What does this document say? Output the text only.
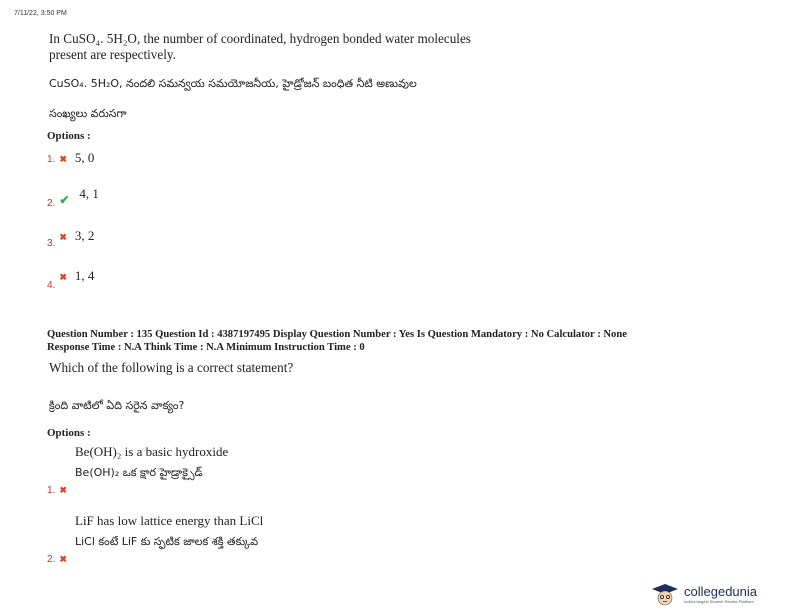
7/11/22, 3:50 PM
In CuSO₄. 5H₂O, the number of coordinated, hydrogen bonded water molecules
present are respectively.
CuSO₄. 5H₂O, నందలి సమన్వయ సమయోజనీయ, హైడ్రోజన్ బంధిత నీటి అణువుల
సంఖ్యలు వరుసగా
Options :
1. ✖ 5, 0
$_{2.}$ $_✔$ 4, 1
$_{3.}$ ✖ 3, 2
$_{4.}$ ✖ 1, 4
Question Number : 135 Question Id : 4387197495 Display Question Number : Yes Is Question Mandatory : No Calculator : None
Response Time : N.A Think Time : N.A Minimum Instruction Time : 0
Which of the following is a correct statement?
క్రింది వాటిలో ఏది సరైన వాక్యం?
Options :
Be(OH)₂ is a basic hydroxide
Be(OH)₂ ఒక క్షార హైడ్రాక్సైడ్
1. ✖
LiF has low lattice energy than LiCl
LiCl కంటే LiF కు స్ఫటిక జాలక శక్తి తక్కువ
2. ✖
collegedunia
India's largest Student Review Platform
